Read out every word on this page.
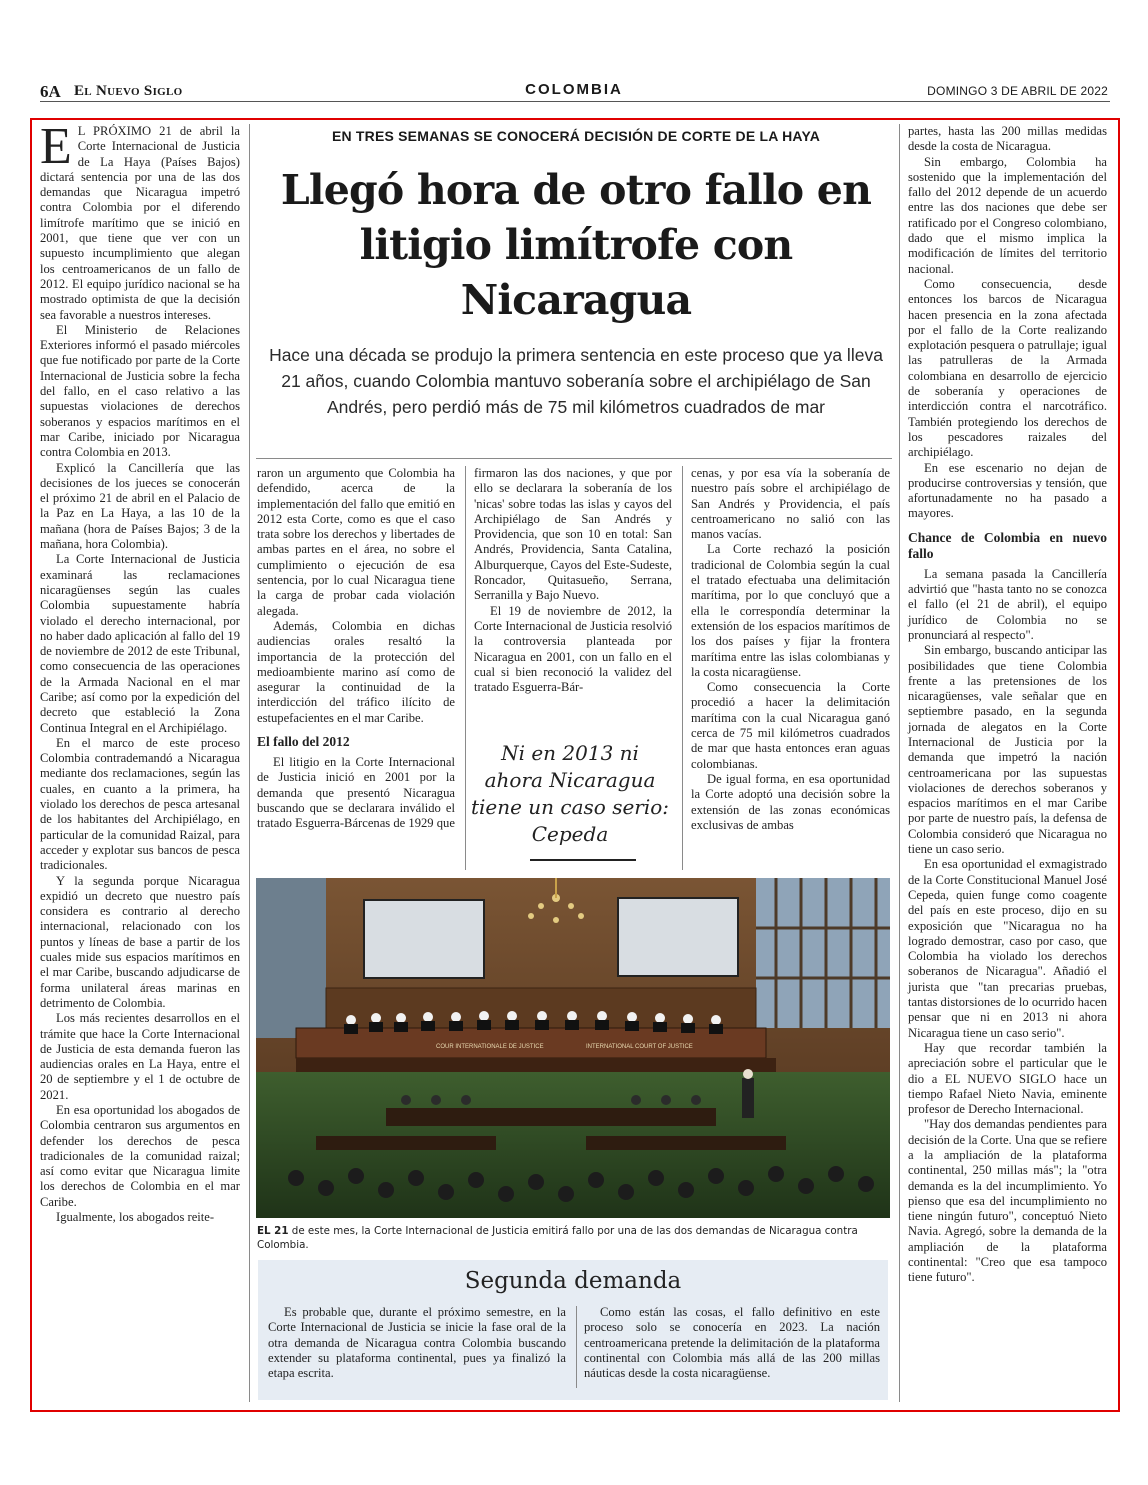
6A El Nuevo Siglo	COLOMBIA	DOMINGO 3 DE ABRIL DE 2022
E L PRÓXIMO 21 de abril la Corte Internacional de Justicia de La Haya (Países Bajos) dictará sentencia por una de las dos demandas que Nicaragua impetró contra Colombia por el diferendo limítrofe marítimo que se inició en 2001, que tiene que ver con un supuesto incumplimiento que alegan los centroamericanos de un fallo de 2012. El equipo jurídico nacional se ha mostrado optimista de que la decisión sea favorable a nuestros intereses.

El Ministerio de Relaciones Exteriores informó el pasado miércoles que fue notificado por parte de la Corte Internacional de Justicia sobre la fecha del fallo, en el caso relativo a las supuestas violaciones de derechos soberanos y espacios marítimos en el mar Caribe, iniciado por Nicaragua contra Colombia en 2013.

Explicó la Cancillería que las decisiones de los jueces se conocerán el próximo 21 de abril en el Palacio de la Paz en La Haya, a las 10 de la mañana (hora de Países Bajos; 3 de la mañana, hora Colombia).

La Corte Internacional de Justicia examinará las reclamaciones nicaragüenses según las cuales Colombia supuestamente habría violado el derecho internacional, por no haber dado aplicación al fallo del 19 de noviembre de 2012 de este Tribunal, como consecuencia de las operaciones de la Armada Nacional en el mar Caribe; así como por la expedición del decreto que estableció la Zona Continua Integral en el Archipiélago.

En el marco de este proceso Colombia contrademandó a Nicaragua mediante dos reclamaciones, según las cuales, en cuanto a la primera, ha violado los derechos de pesca artesanal de los habitantes del Archipiélago, en particular de la comunidad Raizal, para acceder y explotar sus bancos de pesca tradicionales.

Y la segunda porque Nicaragua expidió un decreto que nuestro país considera es contrario al derecho internacional, relacionado con los puntos y líneas de base a partir de los cuales mide sus espacios marítimos en el mar Caribe, buscando adjudicarse de forma unilateral áreas marinas en detrimento de Colombia.

Los más recientes desarrollos en el trámite que hace la Corte Internacional de Justicia de esta demanda fueron las audiencias orales en La Haya, entre el 20 de septiembre y el 1 de octubre de 2021.

En esa oportunidad los abogados de Colombia centraron sus argumentos en defender los derechos de pesca tradicionales de la comunidad raizal; así como evitar que Nicaragua limite los derechos de Colombia en el mar Caribe.

Igualmente, los abogados reite-

EN TRES SEMANAS SE CONOCERÁ DECISIÓN DE CORTE DE LA HAYA
Llegó hora de otro fallo en litigio limítrofe con Nicaragua
Hace una década se produjo la primera sentencia en este proceso que ya lleva 21 años, cuando Colombia mantuvo soberanía sobre el archipiélago de San Andrés, pero perdió más de 75 mil kilómetros cuadrados de mar

raron un argumento que Colombia ha defendido, acerca de la implementación del fallo que emitió en 2012 esta Corte, como es que el caso trata sobre los derechos y libertades de ambas partes en el área, no sobre el cumplimiento o ejecución de esa sentencia, por lo cual Nicaragua tiene la carga de probar cada violación alegada.

Además, Colombia en dichas audiencias orales resaltó la importancia de la protección del medioambiente marino así como de asegurar la continuidad de la interdicción del tráfico ilícito de estupefacientes en el mar Caribe.

El fallo del 2012

El litigio en la Corte Internacional de Justicia inició en 2001 por la demanda que presentó Nicaragua buscando que se declarara inválido el tratado Esguerra-Bárcenas de 1929 que

firmaron las dos naciones, y que por ello se declarara la soberanía de los 'nicas' sobre todas las islas y cayos del Archipiélago de San Andrés y Providencia, que son 10 en total: San Andrés, Providencia, Santa Catalina, Alburquerque, Cayos del Este-Sudeste, Roncador, Quitasueño, Serrana, Serranilla y Bajo Nuevo.

El 19 de noviembre de 2012, la Corte Internacional de Justicia resolvió la controversia planteada por Nicaragua en 2001, con un fallo en el cual si bien reconoció la validez del tratado Esguerra-Bár-

Ni en 2013 ni ahora Nicaragua tiene un caso serio: Cepeda

cenas, y por esa vía la soberanía de nuestro país sobre el archipiélago de San Andrés y Providencia, el país centroamericano no salió con las manos vacías.

La Corte rechazó la posición tradicional de Colombia según la cual el tratado efectuaba una delimitación marítima, por lo que concluyó que a ella le correspondía determinar la extensión de los espacios marítimos de los dos países y fijar la frontera marítima entre las islas colombianas y la costa nicaragüense.

Como consecuencia la Corte procedió a hacer la delimitación marítima con la cual Nicaragua ganó cerca de 75 mil kilómetros cuadrados de mar que hasta entonces eran aguas colombianas.

De igual forma, en esa oportunidad la Corte adoptó una decisión sobre la extensión de las zonas económicas exclusivas de ambas

partes, hasta las 200 millas medidas desde la costa de Nicaragua.

Sin embargo, Colombia ha sostenido que la implementación del fallo del 2012 depende de un acuerdo entre las dos naciones que debe ser ratificado por el Congreso colombiano, dado que el mismo implica la modificación de límites del territorio nacional.

Como consecuencia, desde entonces los barcos de Nicaragua hacen presencia en la zona afectada por el fallo de la Corte realizando explotación pesquera o patrullaje; igual las patrulleras de la Armada colombiana en desarrollo de ejercicio de soberanía y operaciones de interdicción contra el narcotráfico. También protegiendo los derechos de los pescadores raizales del archipiélago.

En ese escenario no dejan de producirse controversias y tensión, que afortunadamente no ha pasado a mayores.

Chance de Colombia en nuevo fallo

La semana pasada la Cancillería advirtió que "hasta tanto no se conozca el fallo (el 21 de abril), el equipo jurídico de Colombia no se pronunciará al respecto".

Sin embargo, buscando anticipar las posibilidades que tiene Colombia frente a las pretensiones de los nicaragüenses, vale señalar que en septiembre pasado, en la segunda jornada de alegatos en la Corte Internacional de Justicia por la demanda que impetró la nación centroamericana por las supuestas violaciones de derechos soberanos y espacios marítimos en el mar Caribe por parte de nuestro país, la defensa de Colombia consideró que Nicaragua no tiene un caso serio.

En esa oportunidad el exmagistrado de la Corte Constitucional Manuel José Cepeda, quien funge como coagente del país en este proceso, dijo en su exposición que "Nicaragua no ha logrado demostrar, caso por caso, que Colombia ha violado los derechos soberanos de Nicaragua". Añadió el jurista que "tan precarias pruebas, tantas distorsiones de lo ocurrido hacen pensar que ni en 2013 ni ahora Nicaragua tiene un caso serio".

Hay que recordar también la apreciación sobre el particular que le dio a EL NUEVO SIGLO hace un tiempo Rafael Nieto Navia, eminente profesor de Derecho Internacional.

"Hay dos demandas pendientes para decisión de la Corte. Una que se refiere a la ampliación de la plataforma continental, 250 millas más"; la "otra demanda es la del incumplimiento. Yo pienso que esa del incumplimiento no tiene ningún futuro", conceptuó Nieto Navia. Agregó, sobre la demanda de la ampliación de la plataforma continental: "Creo que esa tampoco tiene futuro".

COUR INTERNATIONALE DE JUSTICE	INTERNATIONAL COURT OF JUSTICE
EL 21 de este mes, la Corte Internacional de Justicia emitirá fallo por una de las dos demandas de Nicaragua contra Colombia.
Segunda demanda

Es probable que, durante el próximo semestre, en la Corte Internacional de Justicia se inicie la fase oral de la otra demanda de Nicaragua contra Colombia buscando extender su plataforma continental, pues ya finalizó la etapa escrita.

Como están las cosas, el fallo definitivo en este proceso solo se conocería en 2023. La nación centroamericana pretende la delimitación de la plataforma continental con Colombia más allá de las 200 millas náuticas desde la costa nicaragüense.
